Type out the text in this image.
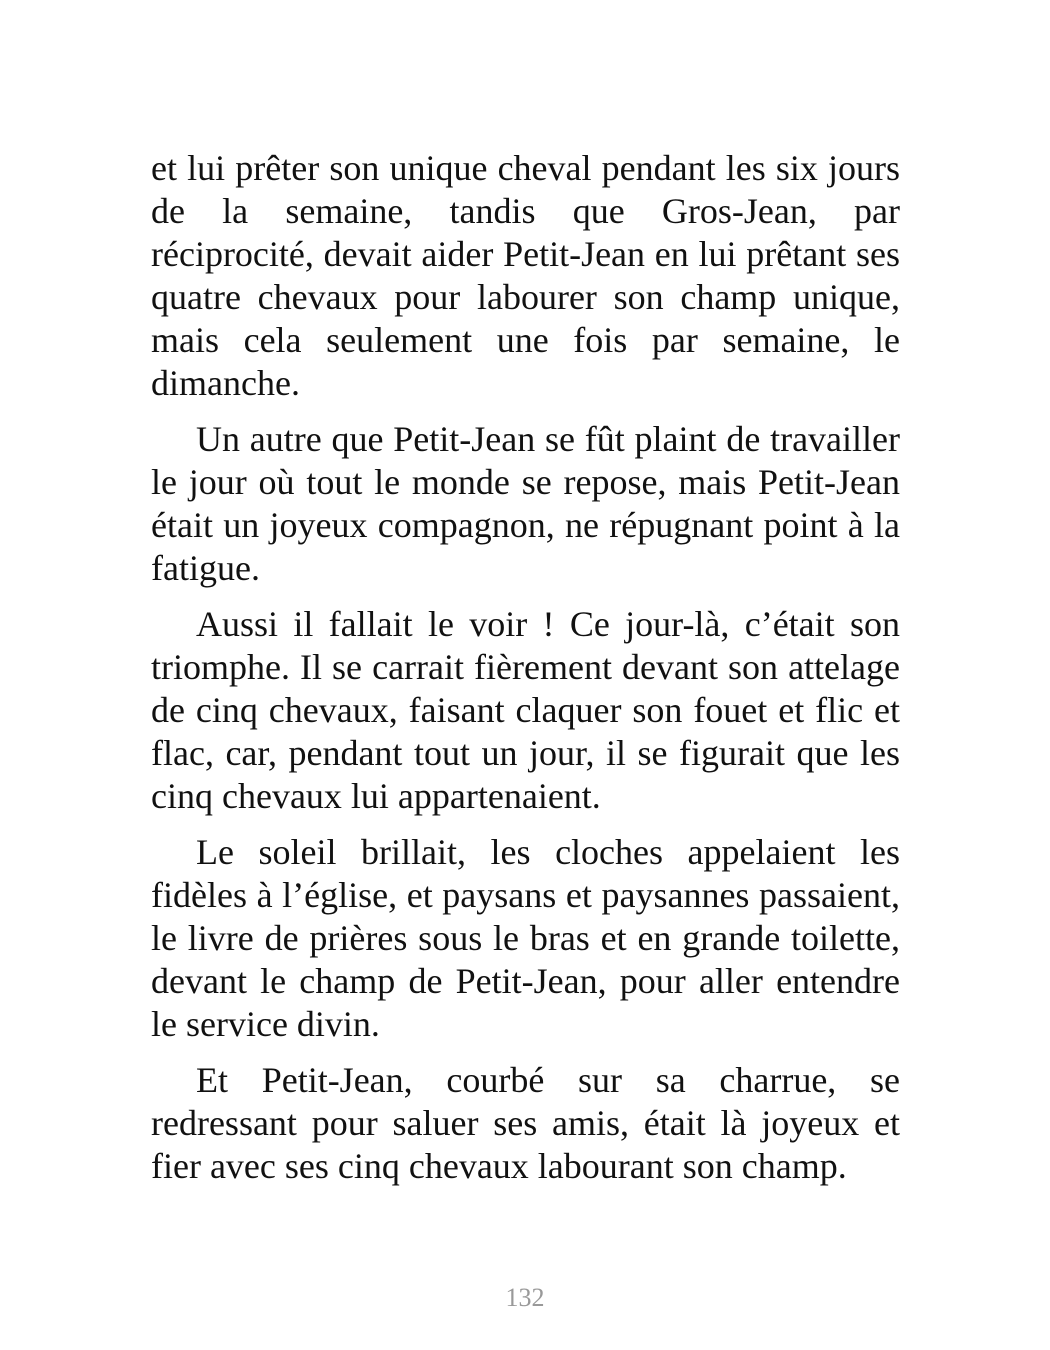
et lui prêter son unique cheval pendant les six jours de la semaine, tandis que Gros-Jean, par réciprocité, devait aider Petit-Jean en lui prêtant ses quatre chevaux pour labourer son champ unique, mais cela seulement une fois par semaine, le dimanche.

Un autre que Petit-Jean se fût plaint de travailler le jour où tout le monde se repose, mais Petit-Jean était un joyeux compagnon, ne répugnant point à la fatigue.

Aussi il fallait le voir ! Ce jour-là, c’était son triomphe. Il se carrait fièrement devant son attelage de cinq chevaux, faisant claquer son fouet et flic et flac, car, pendant tout un jour, il se figurait que les cinq chevaux lui appartenaient.

Le soleil brillait, les cloches appelaient les fidèles à l’église, et paysans et paysannes passaient, le livre de prières sous le bras et en grande toilette, devant le champ de Petit-Jean, pour aller entendre le service divin.

Et Petit-Jean, courbé sur sa charrue, se redressant pour saluer ses amis, était là joyeux et fier avec ses cinq chevaux labourant son champ.

132
